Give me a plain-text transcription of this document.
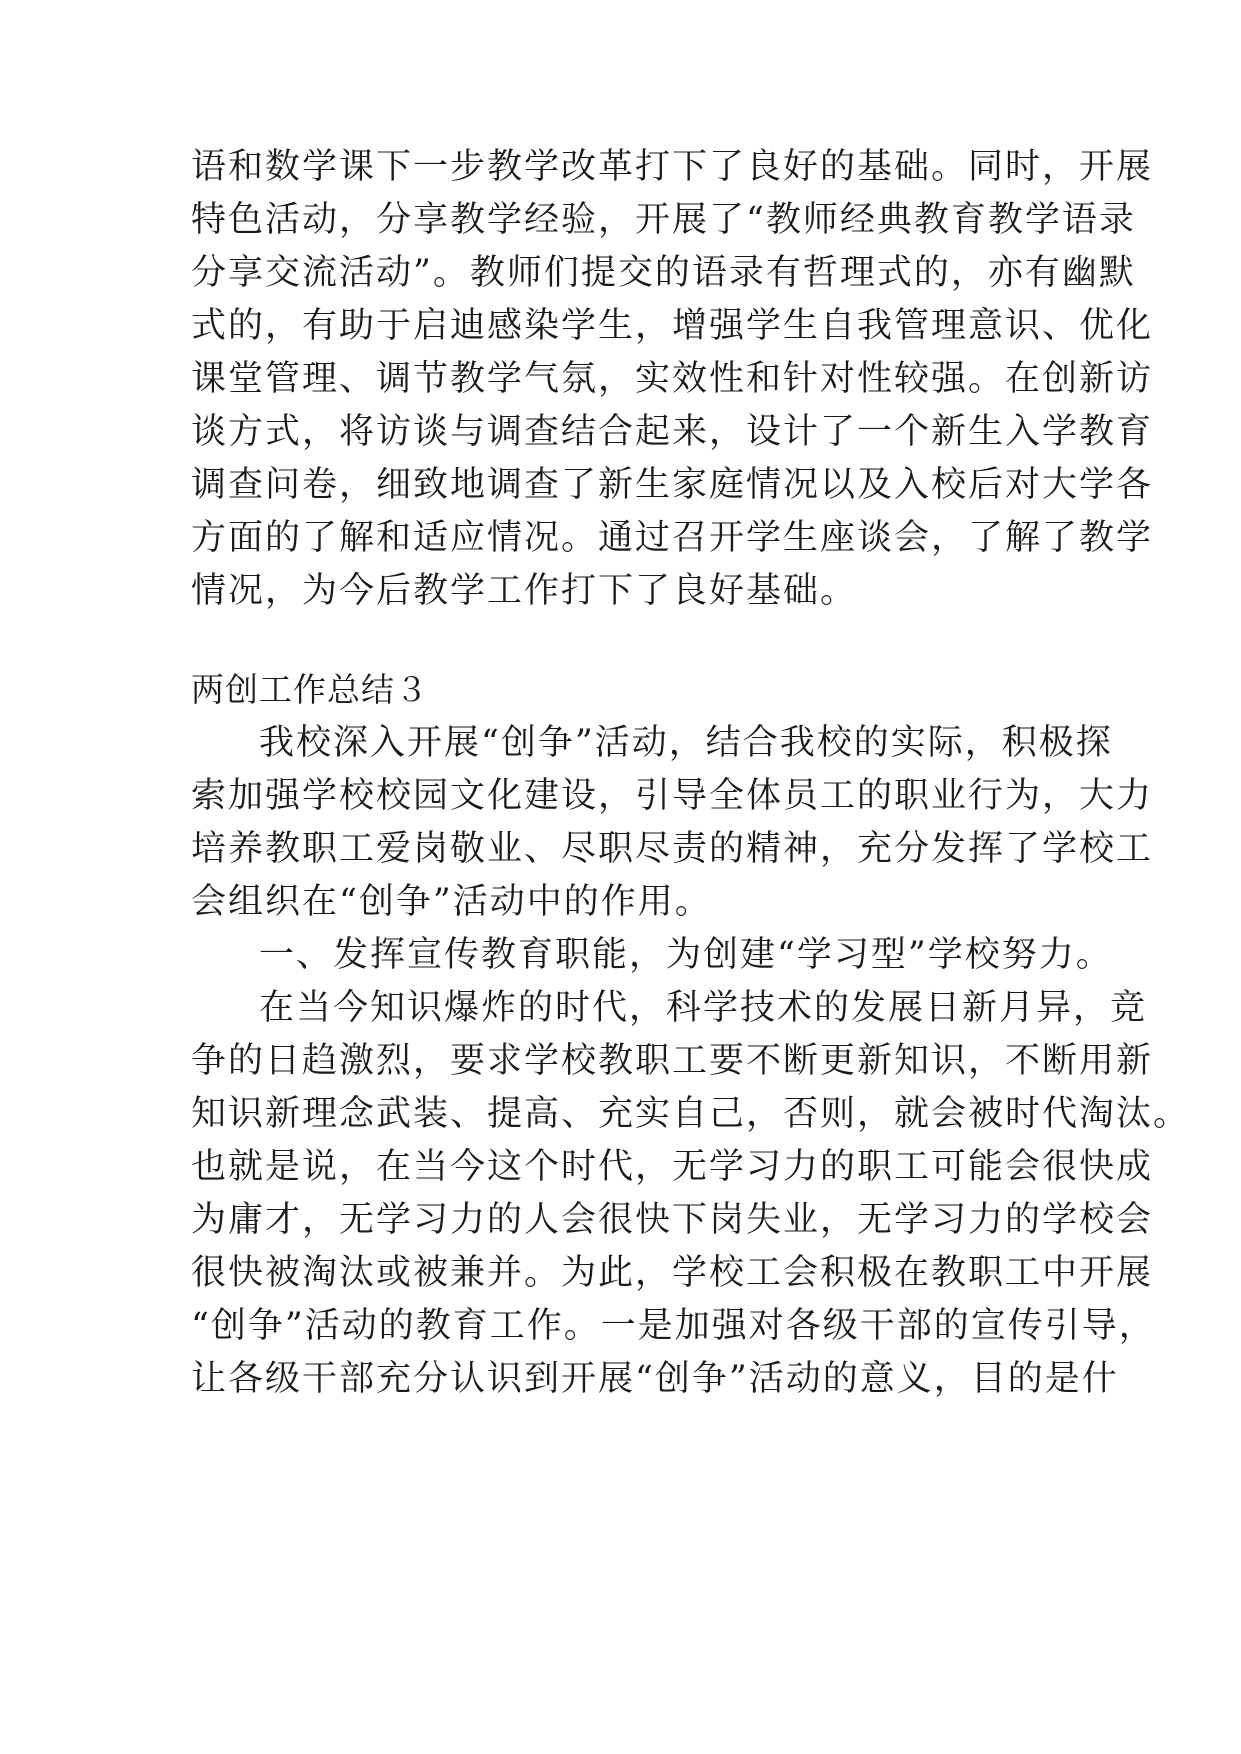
语和数学课下一步教学改革打下了良好的基础。同时，开展
特色活动，分享教学经验，开展了“教师经典教育教学语录
分享交流活动”。教师们提交的语录有哲理式的，亦有幽默
式的，有助于启迪感染学生，增强学生自我管理意识、优化
课堂管理、调节教学气氛，实效性和针对性较强。在创新访
谈方式，将访谈与调查结合起来，设计了一个新生入学教育
调查问卷，细致地调查了新生家庭情况以及入校后对大学各
方面的了解和适应情况。通过召开学生座谈会，了解了教学
情况，为今后教学工作打下了良好基础。
两创工作总结３
我校深入开展“创争”活动，结合我校的实际，积极探
索加强学校校园文化建设，引导全体员工的职业行为，大力
培养教职工爱岗敬业、尽职尽责的精神，充分发挥了学校工
会组织在“创争”活动中的作用。
一、发挥宣传教育职能，为创建“学习型”学校努力。
在当今知识爆炸的时代，科学技术的发展日新月异，竞
争的日趋激烈，要求学校教职工要不断更新知识，不断用新
知识新理念武装、提高、充实自己，否则，就会被时代淘汰。
也就是说，在当今这个时代，无学习力的职工可能会很快成
为庸才，无学习力的人会很快下岗失业，无学习力的学校会
很快被淘汰或被兼并。为此，学校工会积极在教职工中开展
“创争”活动的教育工作。一是加强对各级干部的宣传引导，
让各级干部充分认识到开展“创争”活动的意义，目的是什
